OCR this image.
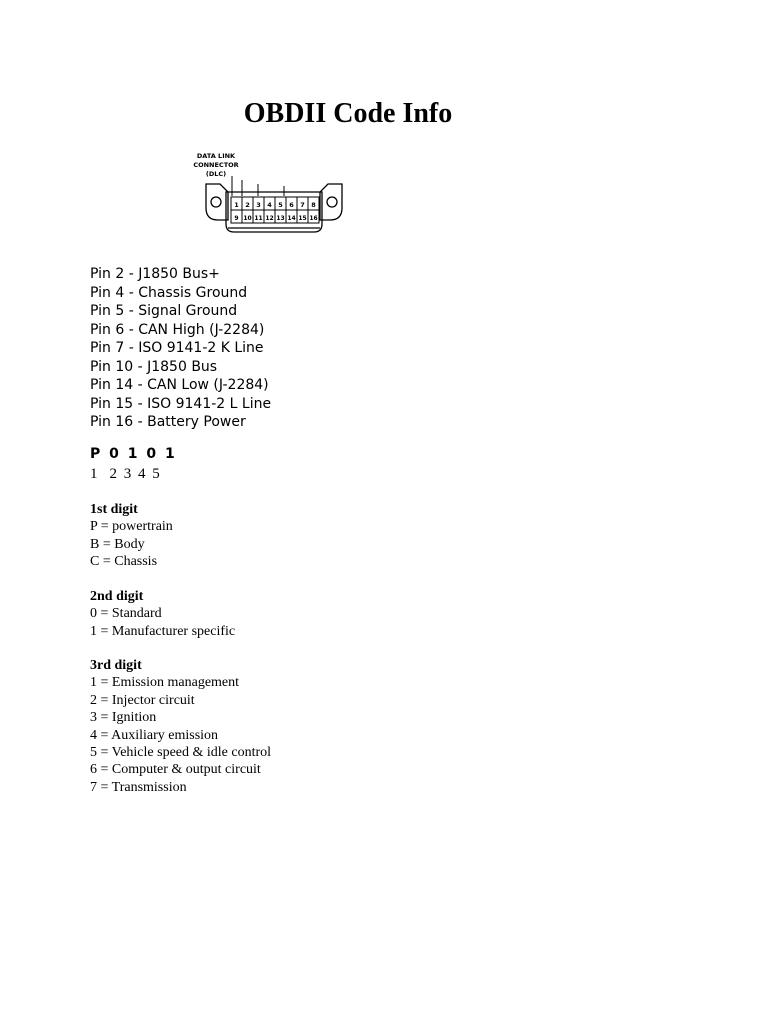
OBDII Code Info
DATA LINK
CONNECTOR
(DLC)
1 2 3 4 5 6 7 8
9 10 11 12 13 14 15 16
Pin 2 - J1850 Bus+
Pin 4 - Chassis Ground
Pin 5 - Signal Ground
Pin 6 - CAN High (J-2284)
Pin 7 - ISO 9141-2 K Line
Pin 10 - J1850 Bus
Pin 14 - CAN Low (J-2284)
Pin 15 - ISO 9141-2 L Line
Pin 16 - Battery Power
P 0 1 0 1
1  2 3 4 5
1st digit
P = powertrain
B = Body
C = Chassis
2nd digit
0 = Standard
1 = Manufacturer specific
3rd digit
1 = Emission management
2 = Injector circuit
3 = Ignition
4 = Auxiliary emission
5 = Vehicle speed & idle control
6 = Computer & output circuit
7 = Transmission
